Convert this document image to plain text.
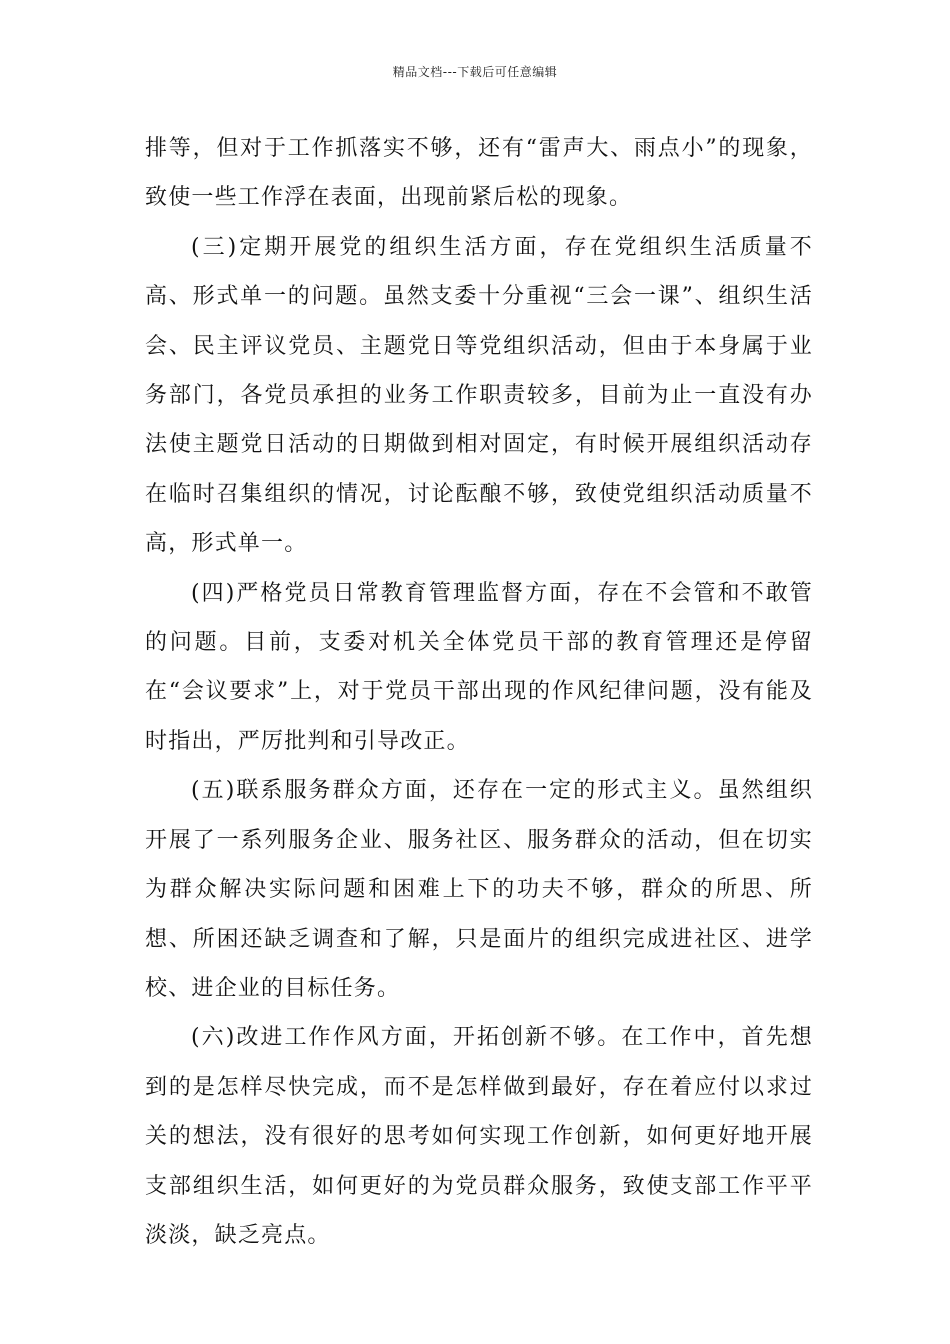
精品文档---下载后可任意编辑

排等，但对于工作抓落实不够，还有“雷声大、雨点小”的现象，致使一些工作浮在表面，出现前紧后松的现象。

(三)定期开展党的组织生活方面，存在党组织生活质量不高、形式单一的问题。虽然支委十分重视“三会一课”、组织生活会、民主评议党员、主题党日等党组织活动，但由于本身属于业务部门，各党员承担的业务工作职责较多，目前为止一直没有办法使主题党日活动的日期做到相对固定，有时候开展组织活动存在临时召集组织的情况，讨论酝酿不够，致使党组织活动质量不高，形式单一。

(四)严格党员日常教育管理监督方面，存在不会管和不敢管的问题。目前，支委对机关全体党员干部的教育管理还是停留在“会议要求”上，对于党员干部出现的作风纪律问题，没有能及时指出，严厉批判和引导改正。

(五)联系服务群众方面，还存在一定的形式主义。虽然组织开展了一系列服务企业、服务社区、服务群众的活动，但在切实为群众解决实际问题和困难上下的功夫不够，群众的所思、所想、所困还缺乏调查和了解，只是面片的组织完成进社区、进学校、进企业的目标任务。

(六)改进工作作风方面，开拓创新不够。在工作中，首先想到的是怎样尽快完成，而不是怎样做到最好，存在着应付以求过关的想法，没有很好的思考如何实现工作创新，如何更好地开展支部组织生活，如何更好的为党员群众服务，致使支部工作平平淡淡，缺乏亮点。
